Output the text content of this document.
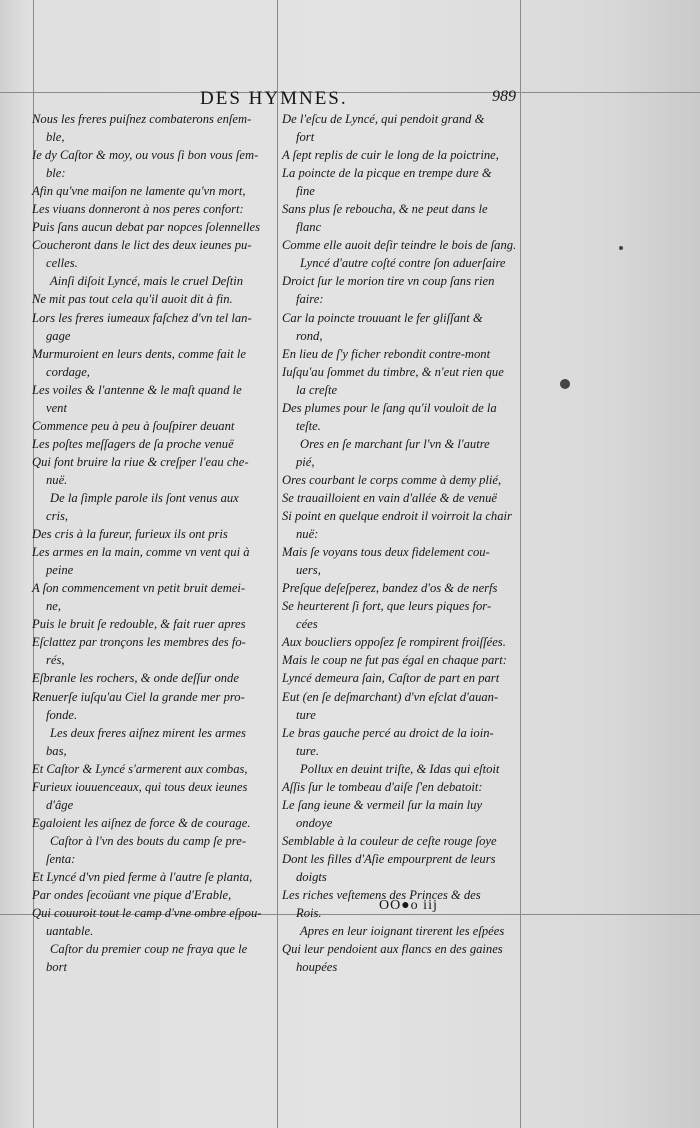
DES HYMNES.	989
Nous les freres puiſnez combaterons enſem-
ble,
Ie dy Caſtor & moy, ou vous ſi bon vous ſem-
ble:
Afin qu'vne maiſon ne lamente qu'vn mort,
Les viuans donneront à nos peres confort:
Puis ſans aucun debat par nopces ſolennelles
Coucheront dans le lict des deux ieunes pu-
celles.
Ainſi diſoit Lyncé, mais le cruel Deſtin
Ne mit pas tout cela qu'il auoit dit à fin.
Lors les freres iumeaux faſchez d'vn tel lan-
gage
Murmuroient en leurs dents, comme fait le
cordage,
Les voiles & l'antenne & le maſt quand le
vent
Commence peu à peu à ſouſpirer deuant
Les poſtes meſſagers de ſa proche venuë
Qui font bruire la riue & creſper l'eau che-
nuë.
De la ſimple parole ils ſont venus aux
cris,
Des cris à la fureur, furieux ils ont pris
Les armes en la main, comme vn vent qui à
peine
A ſon commencement vn petit bruit demei-
ne,
Puis le bruit ſe redouble, & fait ruer apres
Eſclattez par tronçons les membres des fo-
rés,
Eſbranle les rochers, & onde deſſur onde
Renuerſe iuſqu'au Ciel la grande mer pro-
fonde.
Les deux freres aiſnez mirent les armes
bas,
Et Caſtor & Lyncé s'armerent aux combas,
Furieux iouuenceaux, qui tous deux ieunes
d'âge
Egaloient les aiſnez de force & de courage.
Caſtor à l'vn des bouts du camp ſe pre-
ſenta:
Et Lyncé d'vn pied ferme à l'autre ſe planta,
Par ondes ſecoüant vne pique d'Erable,
Qui couuroit tout le camp d'vne ombre eſpou-
uantable.
Caſtor du premier coup ne fraya que le
bort
De l'eſcu de Lyncé, qui pendoit grand &
fort
A ſept replis de cuir le long de la poictrine,
La poincte de la picque en trempe dure &
fine
Sans plus ſe reboucha, & ne peut dans le
flanc
Comme elle auoit deſir teindre le bois de ſang.
Lyncé d'autre coſté contre ſon aduerſaire
Droict ſur le morion tire vn coup ſans rien
faire:
Car la poincte trouuant le fer gliſſant &
rond,
En lieu de ſ'y ficher rebondit contre-mont
Iuſqu'au ſommet du timbre, & n'eut rien que
la creſte
Des plumes pour le ſang qu'il vouloit de la
teſte.
Ores en ſe marchant ſur l'vn & l'autre
pié,
Ores courbant le corps comme à demy plié,
Se trauailloient en vain d'allée & de venuë
Si point en quelque endroit il voirroit la chair
nuë:
Mais ſe voyans tous deux fidelement cou-
uers,
Preſque deſeſperez, bandez d'os & de nerfs
Se heurterent ſi fort, que leurs piques for-
cées
Aux boucliers oppoſez ſe rompirent froiſſées.
Mais le coup ne fut pas égal en chaque part:
Lyncé demeura ſain, Caſtor de part en part
Eut (en ſe deſmarchant) d'vn eſclat d'auan-
ture
Le bras gauche percé au droict de la ioin-
ture.
Pollux en deuint triſte, & Idas qui eſtoit
Aſſis ſur le tombeau d'aiſe ſ'en debatoit:
Le ſang ieune & vermeil ſur la main luy
ondoye
Semblable à la couleur de ceſte rouge ſoye
Dont les filles d'Aſie empourprent de leurs
doigts
Les riches veſtemens des Princes & des
Rois.
Apres en leur ioignant tirerent les eſpées
Qui leur pendoient aux flancs en des gaines
houpées
OO●o iij
